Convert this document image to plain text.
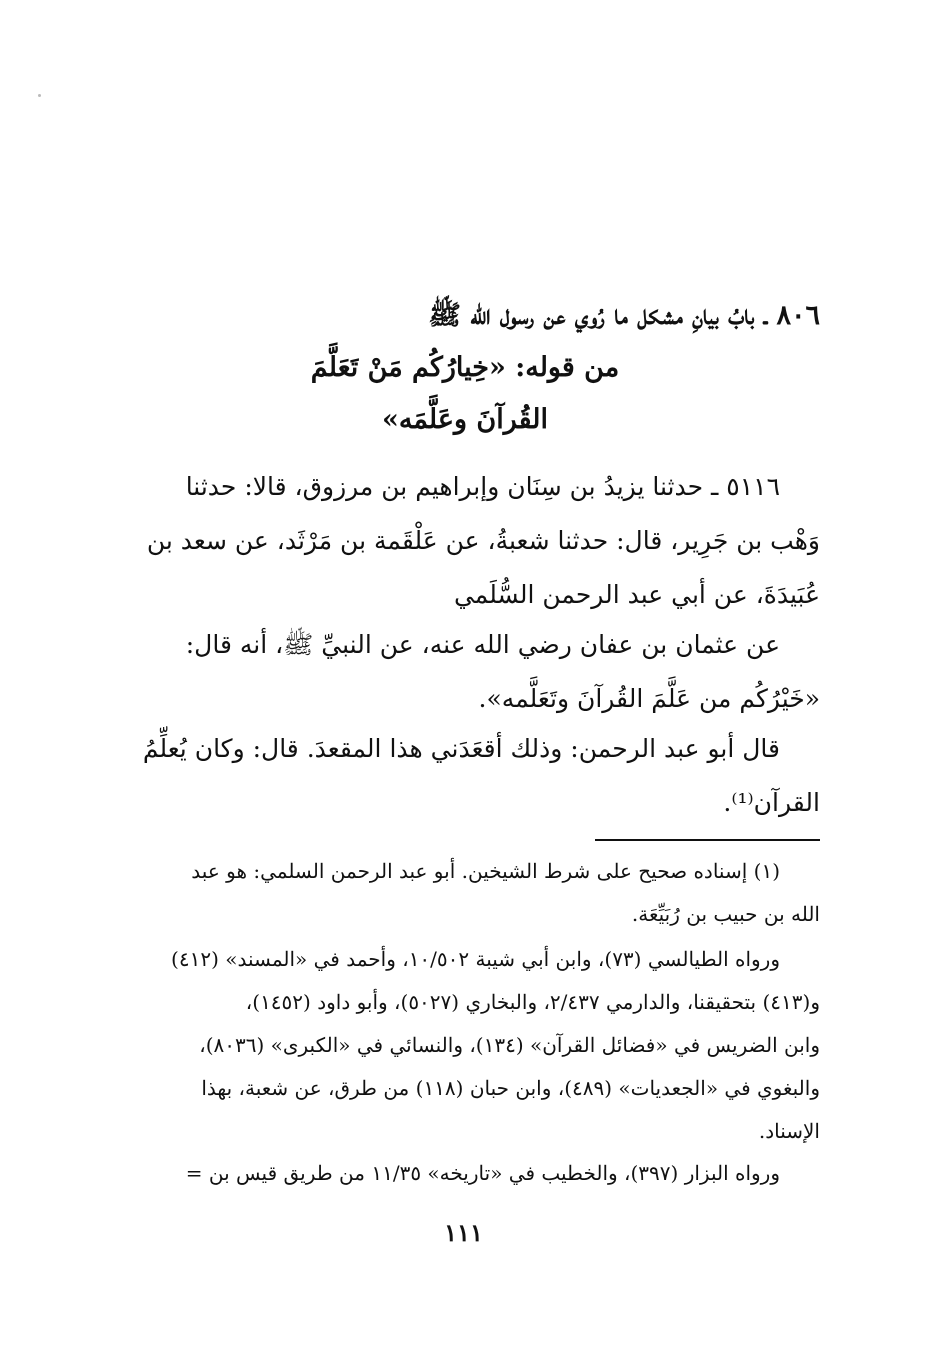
٨٠٦ ـ بابُ بيانِ مشكل ما رُوي عن رسول الله ﷺ
من قوله: «خِيارُكُم مَنْ تَعَلَّمَ
القُرآنَ وعَلَّمَه»
٥١١٦ ـ حدثنا يزيدُ بن سِنَان وإبراهيم بن مرزوق، قالا: حدثنا
وَهْب بن جَرِير، قال: حدثنا شعبةُ، عن عَلْقَمة بن مَرْثَد، عن سعد بن
عُبَيدَةَ، عن أبي عبد الرحمن السُّلَمي
عن عثمان بن عفان رضي الله عنه، عن النبيِّ ﷺ، أنه قال:
«خَيْرُكُم من عَلَّمَ القُرآنَ وتَعَلَّمه».
قال أبو عبد الرحمن: وذلك أقعَدَني هذا المقعدَ. قال: وكان يُعلِّمُ
القرآن⁽¹⁾.
(١) إسناده صحيح على شرط الشيخين. أبو عبد الرحمن السلمي: هو عبد
الله بن حبيب بن رُبَيِّعَة.
ورواه الطيالسي (٧٣)، وابن أبي شيبة ١٠/٥٠٢، وأحمد في «المسند» (٤١٢)
و(٤١٣) بتحقيقنا، والدارمي ٢/٤٣٧، والبخاري (٥٠٢٧)، وأبو داود (١٤٥٢)،
وابن الضريس في «فضائل القرآن» (١٣٤)، والنسائي في «الكبرى» (٨٠٣٦)،
والبغوي في «الجعديات» (٤٨٩)، وابن حبان (١١٨) من طرق، عن شعبة، بهذا
الإسناد.
ورواه البزار (٣٩٧)، والخطيب في «تاريخه» ١١/٣٥ من طريق قيس بن =
١١١
